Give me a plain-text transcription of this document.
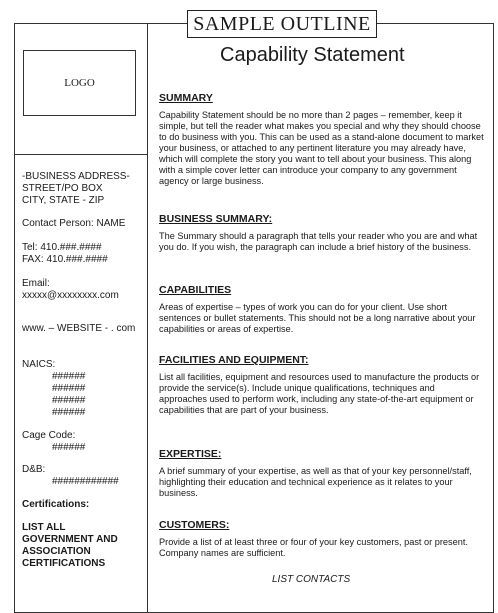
SAMPLE OUTLINE
LOGO
-BUSINESS ADDRESS-
STREET/PO BOX
CITY, STATE - ZIP
Contact Person: NAME
Tel: 410.###.####
FAX: 410.###.####
Email:
xxxxx@xxxxxxxx.com
www. – WEBSITE - . com
NAICS:
######
######
######
######
Cage Code:
######
D&B:
############
Certifications:
LIST ALL
GOVERNMENT AND
ASSOCIATION
CERTIFICATIONS
Capability Statement
SUMMARY
Capability Statement should be no more than 2 pages – remember, keep it simple, but tell the reader what makes you special and why they should choose to do business with you. This can be used as a stand-alone document to market your business, or attached to any pertinent literature you may already have, which will complete the story you want to tell about your business. This along with a simple cover letter can introduce your company to any government agency or large business.
BUSINESS SUMMARY:
The Summary should a paragraph that tells your reader who you are and what you do. If you wish, the paragraph can include a brief history of the business.
CAPABILITIES
Areas of expertise – types of work you can do for your client. Use short sentences or bullet statements. This should not be a long narrative about your capabilities or areas of expertise.
FACILITIES AND EQUIPMENT:
List all facilities, equipment and resources used to manufacture the products or provide the service(s). Include unique qualifications, techniques and approaches used to perform work, including any state-of-the-art equipment or capabilities that are part of your business.
EXPERTISE:
A brief summary of your expertise, as well as that of your key personnel/staff, highlighting their education and technical experience as it relates to your business.
CUSTOMERS:
Provide a list of at least three or four of your key customers, past or present. Company names are sufficient.
LIST CONTACTS
